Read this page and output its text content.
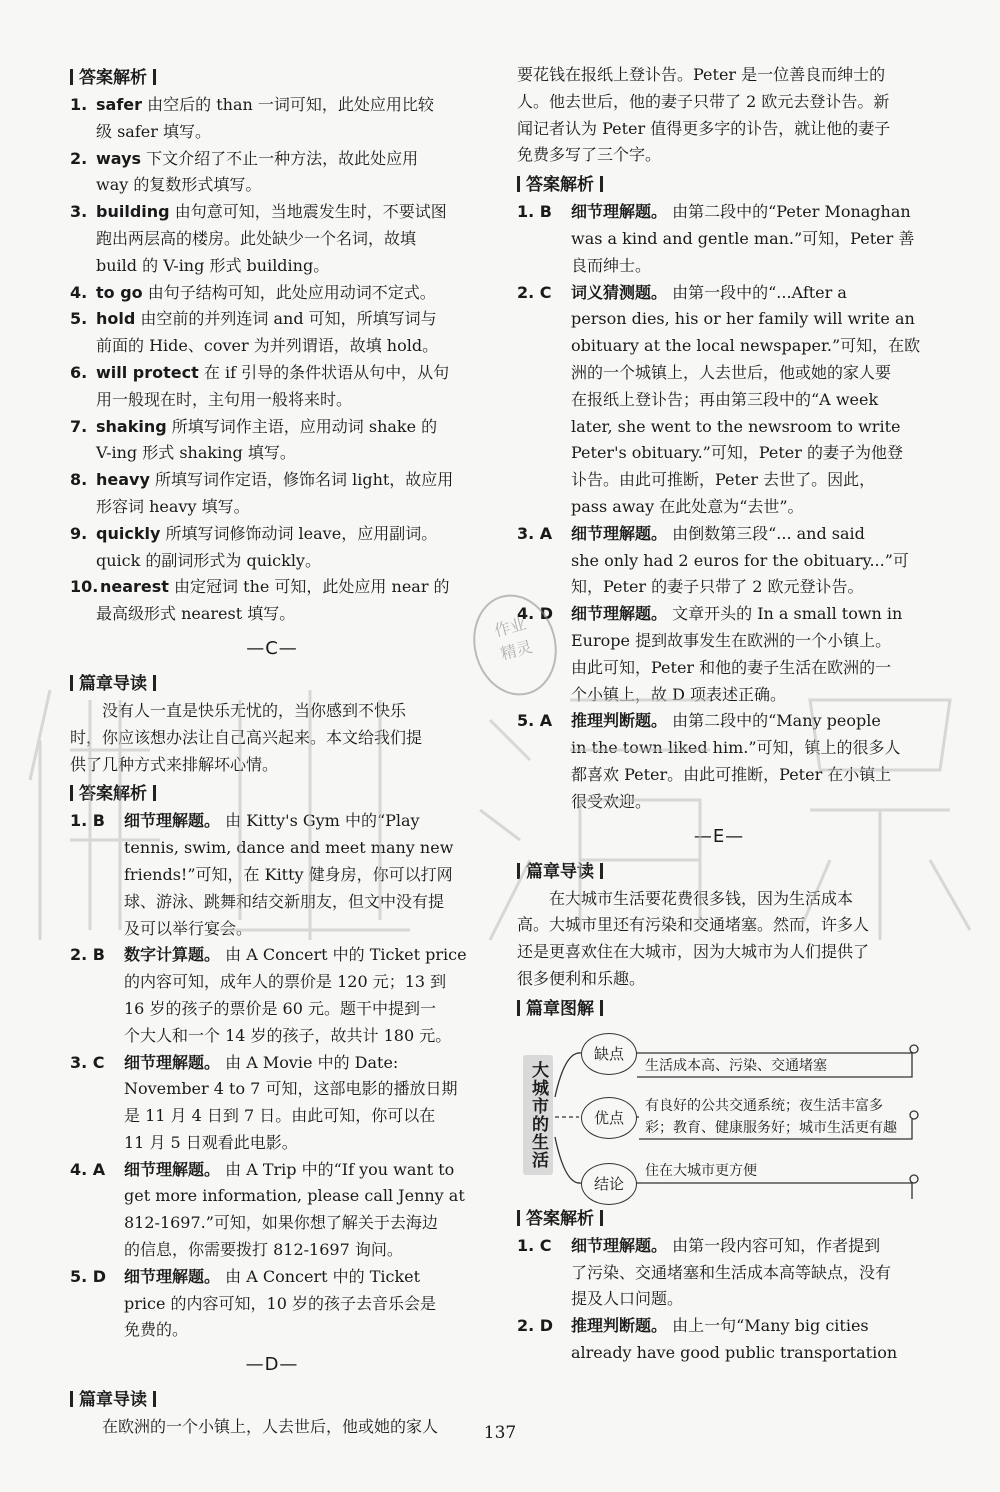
答案解析
1. safer 由空后的 than 一词可知，此处应用比较
级 safer 填写。
2. ways 下文介绍了不止一种方法，故此处应用
way 的复数形式填写。
3. building 由句意可知，当地震发生时，不要试图
跑出两层高的楼房。此处缺少一个名词，故填
build 的 V-ing 形式 building。
4. to go 由句子结构可知，此处应用动词不定式。
5. hold 由空前的并列连词 and 可知，所填写词与
前面的 Hide、cover 为并列谓语，故填 hold。
6. will protect 在 if 引导的条件状语从句中，从句
用一般现在时，主句用一般将来时。
7. shaking 所填写词作主语，应用动词 shake 的
V-ing 形式 shaking 填写。
8. heavy 所填写词作定语，修饰名词 light，故应用
形容词 heavy 填写。
9. quickly 所填写词修饰动词 leave，应用副词。
quick 的副词形式为 quickly。
10. nearest 由定冠词 the 可知，此处应用 near 的
最高级形式 nearest 填写。
—C—
篇章导读
没有人一直是快乐无忧的，当你感到不快乐
时，你应该想办法让自己高兴起来。本文给我们提
供了几种方式来排解坏心情。
答案解析
1. B 细节理解题。 由 Kitty's Gym 中的“Play
tennis, swim, dance and meet many new
friends!”可知，在 Kitty 健身房，你可以打网
球、游泳、跳舞和结交新朋友，但文中没有提
及可以举行宴会。
2. B 数字计算题。 由 A Concert 中的 Ticket price
的内容可知，成年人的票价是 120 元；13 到
16 岁的孩子的票价是 60 元。题干中提到一
个大人和一个 14 岁的孩子，故共计 180 元。
3. C 细节理解题。 由 A Movie 中的 Date:
November 4 to 7 可知，这部电影的播放日期
是 11 月 4 日到 7 日。由此可知，你可以在
11 月 5 日观看此电影。
4. A 细节理解题。 由 A Trip 中的“If you want to
get more information, please call Jenny at
812-1697.”可知，如果你想了解关于去海边
的信息，你需要拨打 812-1697 询问。
5. D 细节理解题。 由 A Concert 中的 Ticket
price 的内容可知，10 岁的孩子去音乐会是
免费的。
—D—
篇章导读
在欧洲的一个小镇上，人去世后，他或她的家人
要花钱在报纸上登讣告。Peter 是一位善良而绅士的
人。他去世后，他的妻子只带了 2 欧元去登讣告。新
闻记者认为 Peter 值得更多字的讣告，就让他的妻子
免费多写了三个字。
答案解析
1. B 细节理解题。 由第二段中的“Peter Monaghan
was a kind and gentle man.”可知，Peter 善
良而绅士。
2. C 词义猜测题。 由第一段中的“...After a
person dies, his or her family will write an
obituary at the local newspaper.”可知，在欧
洲的一个城镇上，人去世后，他或她的家人要
在报纸上登讣告；再由第三段中的“A week
later, she went to the newsroom to write
Peter's obituary.”可知，Peter 的妻子为他登
讣告。由此可推断，Peter 去世了。因此，
pass away 在此处意为“去世”。
3. A 细节理解题。 由倒数第三段“... and said
she only had 2 euros for the obituary...”可
知，Peter 的妻子只带了 2 欧元登讣告。
4. D 细节理解题。 文章开头的 In a small town in
Europe 提到故事发生在欧洲的一个小镇上。
由此可知，Peter 和他的妻子生活在欧洲的一
个小镇上，故 D 项表述正确。
5. A 推理判断题。 由第二段中的“Many people
in the town liked him.”可知，镇上的很多人
都喜欢 Peter。由此可推断，Peter 在小镇上
很受欢迎。
—E—
篇章导读
在大城市生活要花费很多钱，因为生活成本
高。大城市里还有污染和交通堵塞。然而，许多人
还是更喜欢住在大城市，因为大城市为人们提供了
很多便利和乐趣。
篇章图解
大城市的生活
缺点
生活成本高、污染、交通堵塞
优点
有良好的公共交通系统；夜生活丰富多
彩；教育、健康服务好；城市生活更有趣
结论
住在大城市更方便
答案解析
1. C 细节理解题。 由第一段内容可知，作者提到
了污染、交通堵塞和生活成本高等缺点，没有
提及人口问题。
2. D 推理判断题。 由上一句“Many big cities
already have good public transportation
作业
精灵
137
